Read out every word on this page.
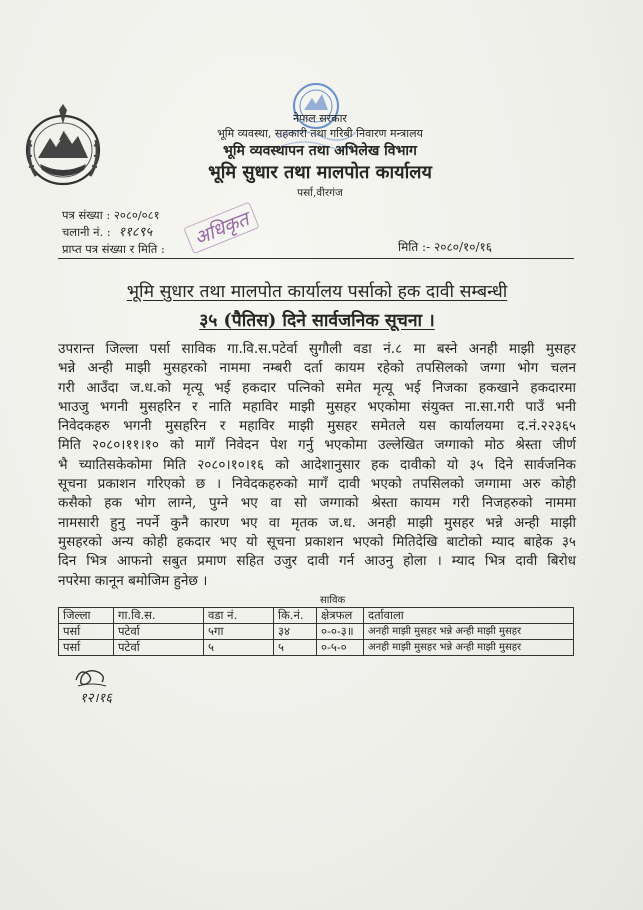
नेपाल सरकार
भूमि व्यवस्था, सहकारी तथा गरिबी निवारण मन्त्रालय
भूमि व्यवस्थापन तथा अभिलेख विभाग
भूमि सुधार तथा मालपोत कार्यालय
पर्सा,वीरगंज
पत्र संख्या : २०८०/०८१
चलानी नं. : ११८९५
प्राप्त पत्र संख्या र मिति :	मिति :- २०८०/१०/१६
अधिकृत
भूमि सुधार तथा मालपोत कार्यालय पर्साको हक दावी सम्बन्धी
३५ (पैतिस) दिने सार्वजनिक सूचना ।
उपरान्त जिल्ला पर्सा साविक गा.वि.स.पटेर्वा सुगौली वडा नं.८ मा बस्ने अनही माझी मुसहर
भन्ने अन्ही माझी मुसहरको नाममा नम्बरी दर्ता कायम रहेको तपसिलको जग्गा भोग चलन
गरी आउँदा ज.ध.को मृत्यू भई हकदार पत्निको समेत मृत्यू भई निजका हकखाने हकदारमा
भाउजु भगनी मुसहरिन र नाति महाविर माझी मुसहर भएकोमा संयुक्त ना.सा.गरी पाउँ भनी
निवेदकहरु भगनी मुसहरिन र महाविर माझी मुसहर समेतले यस कार्यालयमा द.नं.२२३६५
मिति २०८०।११।१० को मागँ निवेदन पेश गर्नु भएकोमा उल्लेखित जग्गाको मोठ श्रेस्ता जीर्ण
भै च्यातिसकेकोमा मिति २०८०।१०।१६ को आदेशानुसार हक दावीको यो ३५ दिने सार्वजनिक
सूचना प्रकाशन गरिएको छ । निवेदकहरुको मागँ दावी भएको तपसिलको जग्गामा अरु कोही
कसैको हक भोग लाग्ने, पुग्ने भए वा सो जग्गाको श्रेस्ता कायम गरी निजहरुको नाममा
नामसारी हुनु नपर्ने कुनै कारण भए वा मृतक ज.ध. अनही माझी मुसहर भन्ने अन्ही माझी
मुसहरको अन्य कोही हकदार भए यो सूचना प्रकाशन भएको मितिदेखि बाटोको म्याद बाहेक ३५
दिन भित्र आफनो सबुत प्रमाण सहित उजुर दावी गर्न आउनु होला । म्याद भित्र दावी बिरोध
नपरेमा कानून बमोजिम हुनेछ ।
साविक
जिल्ला	गा.वि.स.	वडा नं.	कि.नं.	क्षेत्रफल	दर्तावाला
पर्सा	पटेर्वा	५गा	३४	०-०-३॥	अनही माझी मुसहर भन्ने अन्ही माझी मुसहर
पर्सा	पटेर्वा	५	५	०-५-०	अनही माझी मुसहर भन्ने अन्ही माझी मुसहर
१२।१६
